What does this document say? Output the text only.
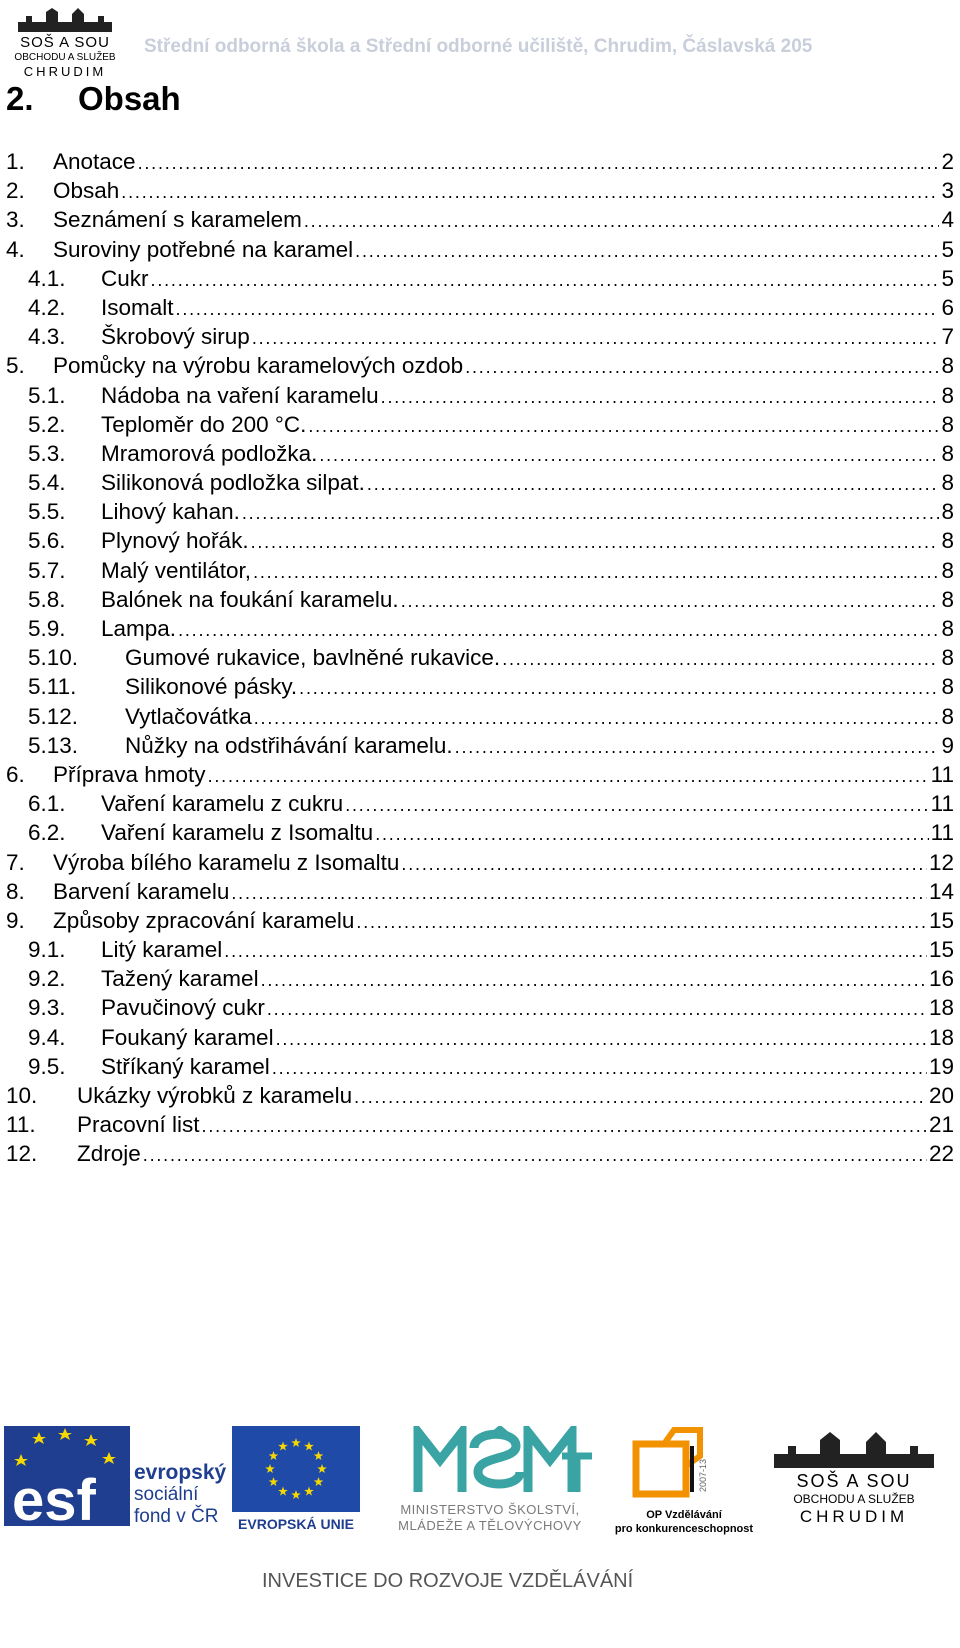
SOŠ A SOU
OBCHODU A SLUŽEB
CHRUDIM
Střední odborná škola a Střední odborné učiliště, Chrudim, Čáslavská 205
2. Obsah
1.	Anotace . . .	2
2.	Obsah . . .	3
3.	Seznámení s karamelem . . .	4
4.	Suroviny potřebné na karamel . . .	5
4.1.	Cukr . . .	5
4.2.	Isomalt . . .	6
4.3.	Škrobový sirup . . .	7
5.	Pomůcky na výrobu karamelových ozdob . . .	8
5.1.	Nádoba na vaření karamelu . . .	8
5.2.	Teploměr do 200 °C. . . .	8
5.3.	Mramorová podložka. . . .	8
5.4.	Silikonová podložka silpat. . . .	8
5.5.	Lihový kahan. . . .	8
5.6.	Plynový hořák. . . .	8
5.7.	Malý ventilátor, . . .	8
5.8.	Balónek na foukání karamelu. . . .	8
5.9.	Lampa. . . .	8
5.10.	Gumové rukavice, bavlněné rukavice. . . .	8
5.11.	Silikonové pásky. . . .	8
5.12.	Vytlačovátka . . .	8
5.13.	Nůžky na odstřihávání karamelu. . . .	9
6.	Příprava hmoty . . .	11
6.1.	Vaření karamelu z cukru . . .	11
6.2.	Vaření karamelu z Isomaltu . . .	11
7.	Výroba bílého karamelu z Isomaltu . . .	12
8.	Barvení karamelu . . .	14
9.	Způsoby zpracování karamelu . . .	15
9.1.	Litý karamel . . .	15
9.2.	Tažený karamel . . .	16
9.3.	Pavučinový cukr . . .	18
9.4.	Foukaný karamel . . .	18
9.5.	Stříkaný karamel . . .	19
10.	Ukázky výrobků z karamelu . . .	20
11.	Pracovní list . . .	21
12.	Zdroje . . .	22
esf evropský
sociální
fond v ČR	EVROPSKÁ UNIE
MINISTERSTVO ŠKOLSTVÍ,
MLÁDEŽE A TĚLOVÝCHOVY
2007-13
OP Vzdělávání
pro konkurenceschopnost
SOŠ A SOU
OBCHODU A SLUŽEB
CHRUDIM
INVESTICE DO ROZVOJE VZDĚLÁVÁNÍ
